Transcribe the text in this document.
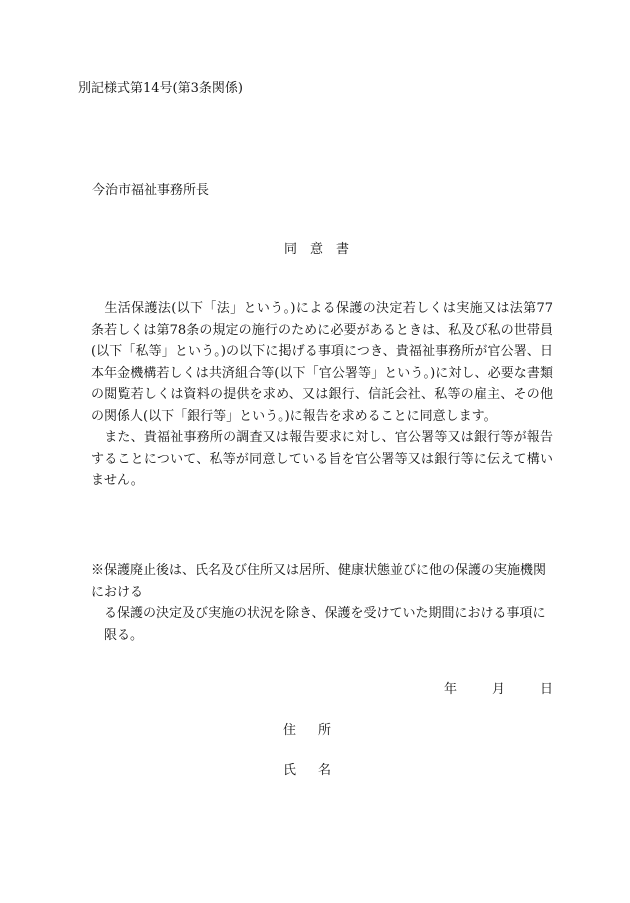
別記様式第14号(第3条関係)
今治市福祉事務所長
同 意 書

　生活保護法(以下「法」という。)による保護の決定若しくは実施又は法第77条若しくは第78条の規定の施行のために必要があるときは、私及び私の世帯員(以下「私等」という。)の以下に掲げる事項につき、貴福祉事務所が官公署、日本年金機構若しくは共済組合等(以下「官公署等」という。)に対し、必要な書類の閲覧若しくは資料の提供を求め、又は銀行、信託会社、私等の雇主、その他の関係人(以下「銀行等」という。)に報告を求めることに同意します。

　また、貴福祉事務所の調査又は報告要求に対し、官公署等又は銀行等が報告することについて、私等が同意している旨を官公署等又は銀行等に伝えて構いません。

※保護廃止後は、氏名及び住所又は居所、健康状態並びに他の保護の実施機関における

る保護の決定及び実施の状況を除き、保護を受けていた期間における事項に限る。

年	月	日
住 所
氏 名
